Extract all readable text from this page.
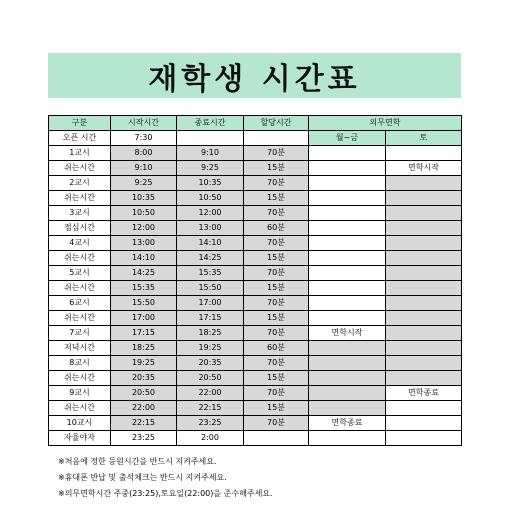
재학생 시간표
구분	시작시간	종료시간	할당시간	의무면학	
오픈 시간	7:30			월~금	토
1교시	8:00	9:10	70분		
쉬는시간	9:10	9:25	15분		면학시작
2교시	9:25	10:35	70분		
쉬는시간	10:35	10:50	15분		
3교시	10:50	12:00	70분		
점심시간	12:00	13:00	60분		
4교시	13:00	14:10	70분		
쉬는시간	14:10	14:25	15분		
5교시	14:25	15:35	70분		
쉬는시간	15:35	15:50	15분		
6교시	15:50	17:00	70분		
쉬는시간	17:00	17:15	15분		
7교시	17:15	18:25	70분	면학시작	
저녁시간	18:25	19:25	60분		
8교시	19:25	20:35	70분		
쉬는시간	20:35	20:50	15분		
9교시	20:50	22:00	70분		면학종료
쉬는시간	22:00	22:15	15분		
10교시	22:15	23:25	70분	면학종료	
자율야자	23:25	2:00			
※처음에 정한 등원시간을 반드시 지켜주세요.
※휴대폰 반납 및 출석체크는 반드시 지켜주세요.
※의무면학시간 주중(23:25),토요일(22:00)을 준수해주세요.
